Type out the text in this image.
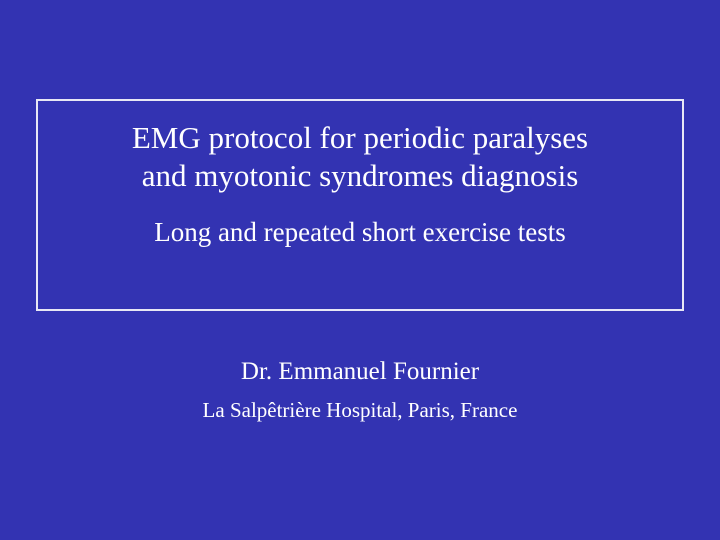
EMG protocol for periodic paralyses
and myotonic syndromes diagnosis
Long and repeated short exercise tests
Dr. Emmanuel Fournier
La Salpêtrière Hospital, Paris, France
